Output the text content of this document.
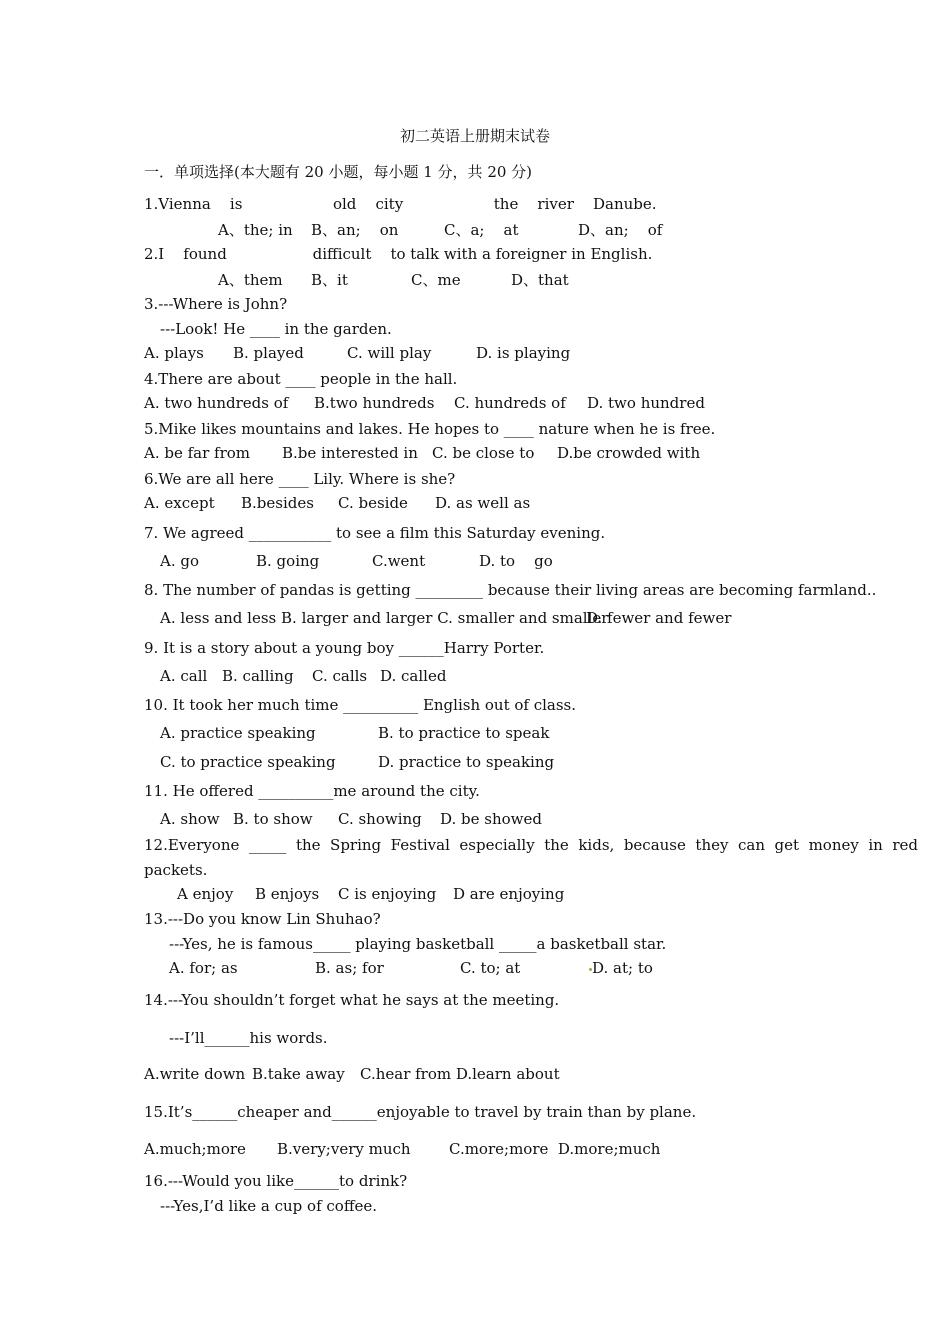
初二英语上册期末试卷
一．单项选择(本大题有 20 小题，每小题 1 分，共 20 分)
1.Vienna    is                   old    city                   the    river    Danube.
A、the; in B、an;    on	C、a;    at	D、an;    of
2.I    found                  difficult    to talk with a foreigner in English.
A、them B、it	C、me	D、that
3.---Where is John?
---Look! He ____ in the garden.
A. plays B. played	C. will play	D. is playing
4.There are about ____ people in the hall.
A. two hundreds of B.two hundreds C. hundreds of D. two hundred
5.Mike likes mountains and lakes. He hopes to ____ nature when he is free.
A. be far from B.be interested in C. be close to D.be crowded with
6.We are all here ____ Lily. Where is she?
A. except B.besides C. beside D. as well as
7. We agreed ___________ to see a film this Saturday evening.
A. go	B. going	C.went	D. to    go
8. The number of pandas is getting _________ because their living areas are becoming farmland..
A. less and less B. larger and larger C. smaller and smaller
D. fewer and fewer
9. It is a story about a young boy ______Harry Porter.
A. call B. calling C. calls D. called
10. It took her much time __________ English out of class.
A. practice speaking	B. to practice to speak
C. to practice speaking	D. practice to speaking
11. He offered __________me around the city.
A. show B. to show C. showing D. be showed
12.Everyone  _____  the  Spring  Festival  especially  the  kids,  because  they  can  get  money  in  red
packets.
A enjoy B enjoys C is enjoying D are enjoying
13.---Do you know Lin Shuhao?
---Yes, he is famous_____ playing basketball _____a basketball star.
A. for; as	B. as; for	C. to; at	D. at; to
14.---You shouldn’t forget what he says at the meeting.
---I’ll______his words.
A.write down B.take away C.hear from D.learn about
15.It’s______cheaper and______enjoyable to travel by train than by plane.
A.much;more B.very;very much	C.more;more  D.more;much
16.---Would you like______to drink?
---Yes,I’d like a cup of coffee.
